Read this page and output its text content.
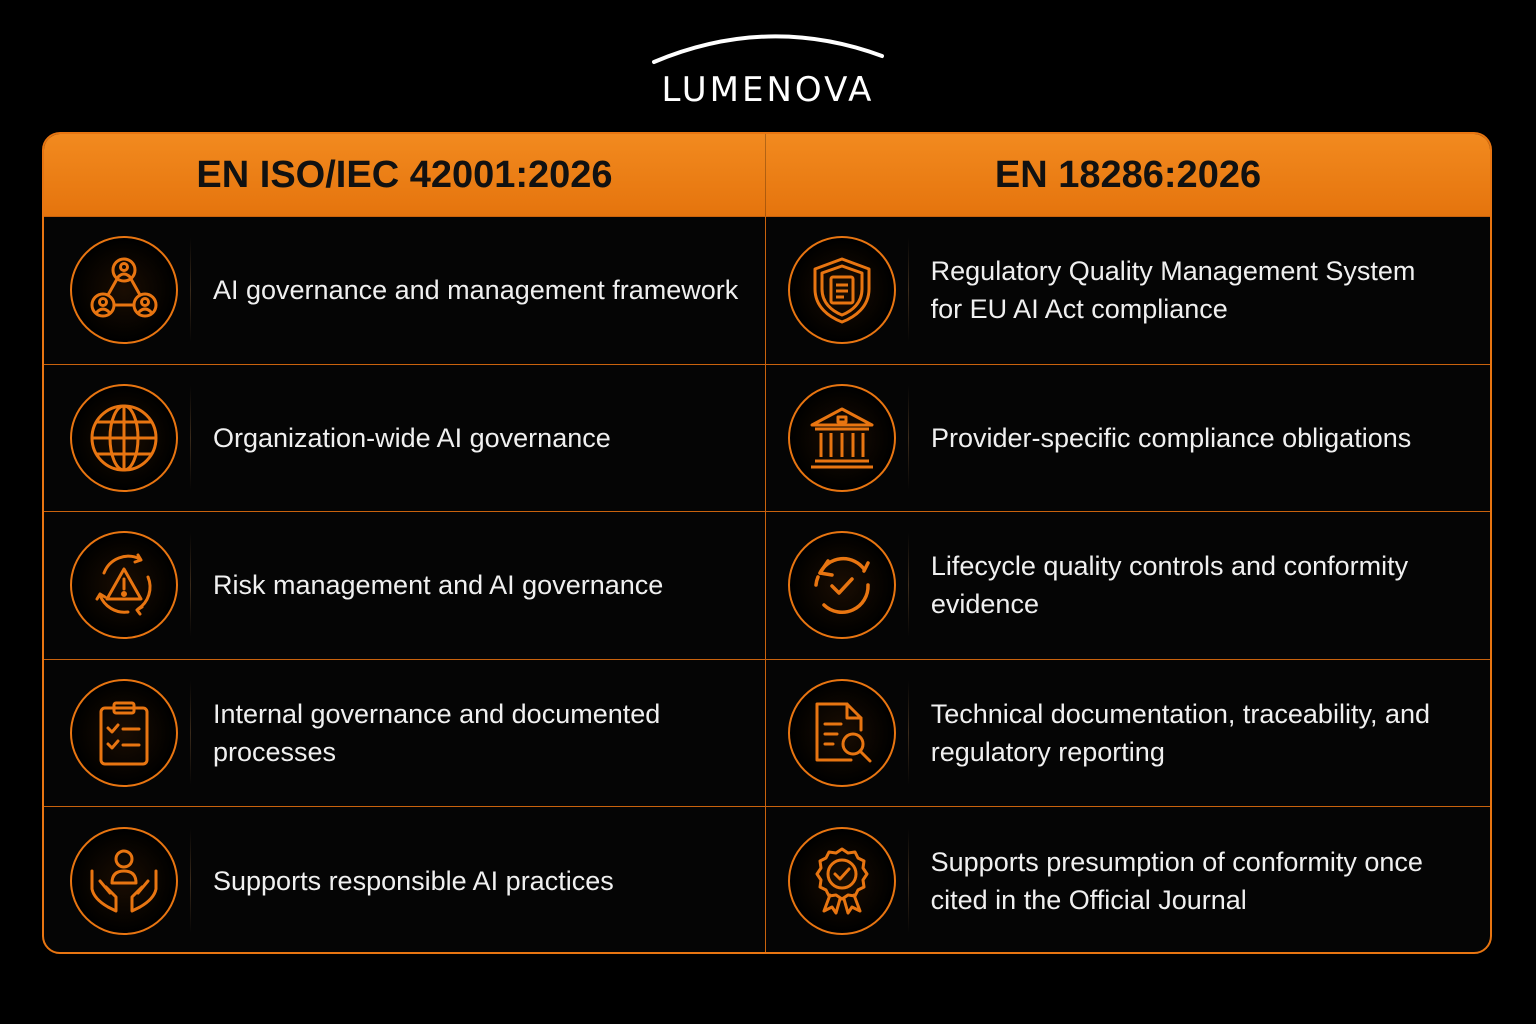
LUMENOVA
EN ISO/IEC 42001:2026	EN 18286:2026
AI governance and management framework
Regulatory Quality Management System for EU AI Act compliance
Organization-wide AI governance	Provider-specific compliance obligations
Risk management and AI governance
Lifecycle quality controls and conformity evidence
Internal governance and documented processes
Technical documentation, traceability, and regulatory reporting
Supports responsible AI practices
Supports presumption of conformity once cited in the Official Journal
